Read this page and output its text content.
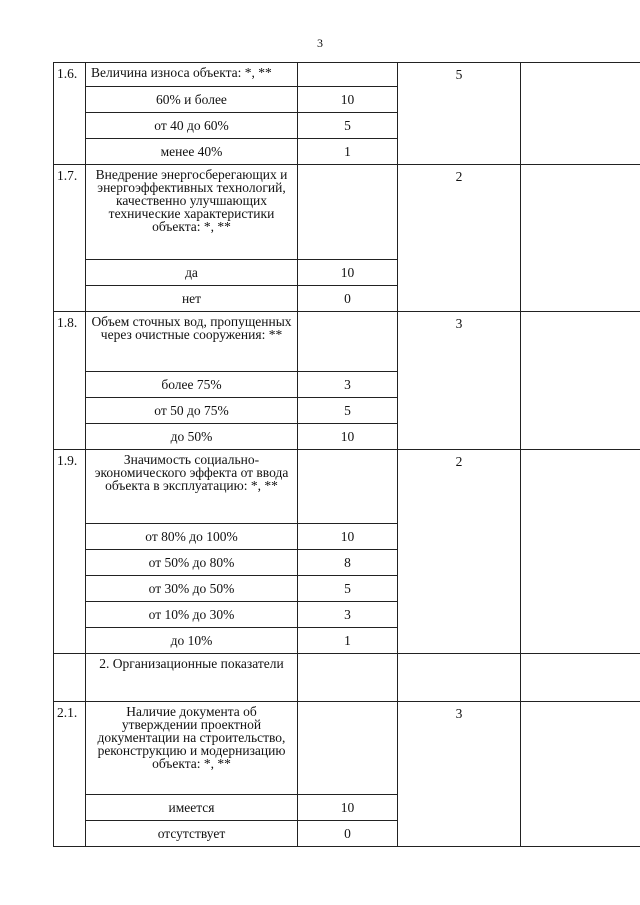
3
1.6.	Величина износа объекта: *, **		5	
	60% и более	10		
	от 40 до 60%	5		
	менее 40%	1		
1.7.	Внедрение энергосберегающих и энергоэффективных технологий, качественно улучшающих технические характеристики объекта: *, **		2	
	да	10		
	нет	0		
1.8.	Объем сточных вод, пропущенных через очистные сооружения: **		3	
	более 75%	3		
	от 50 до 75%	5		
	до 50%	10		
1.9.	Значимость социально-экономического эффекта от ввода объекта в эксплуатацию: *, **		2	
	от 80% до 100%	10		
	от 50% до 80%	8		
	от 30% до 50%	5		
	от 10% до 30%	3		
	до 10%	1		
	2. Организационные показатели			
2.1.	Наличие документа об утверждении проектной документации на строительство, реконструкцию и модернизацию объекта: *, **		3	
	имеется	10		
	отсутствует	0		
